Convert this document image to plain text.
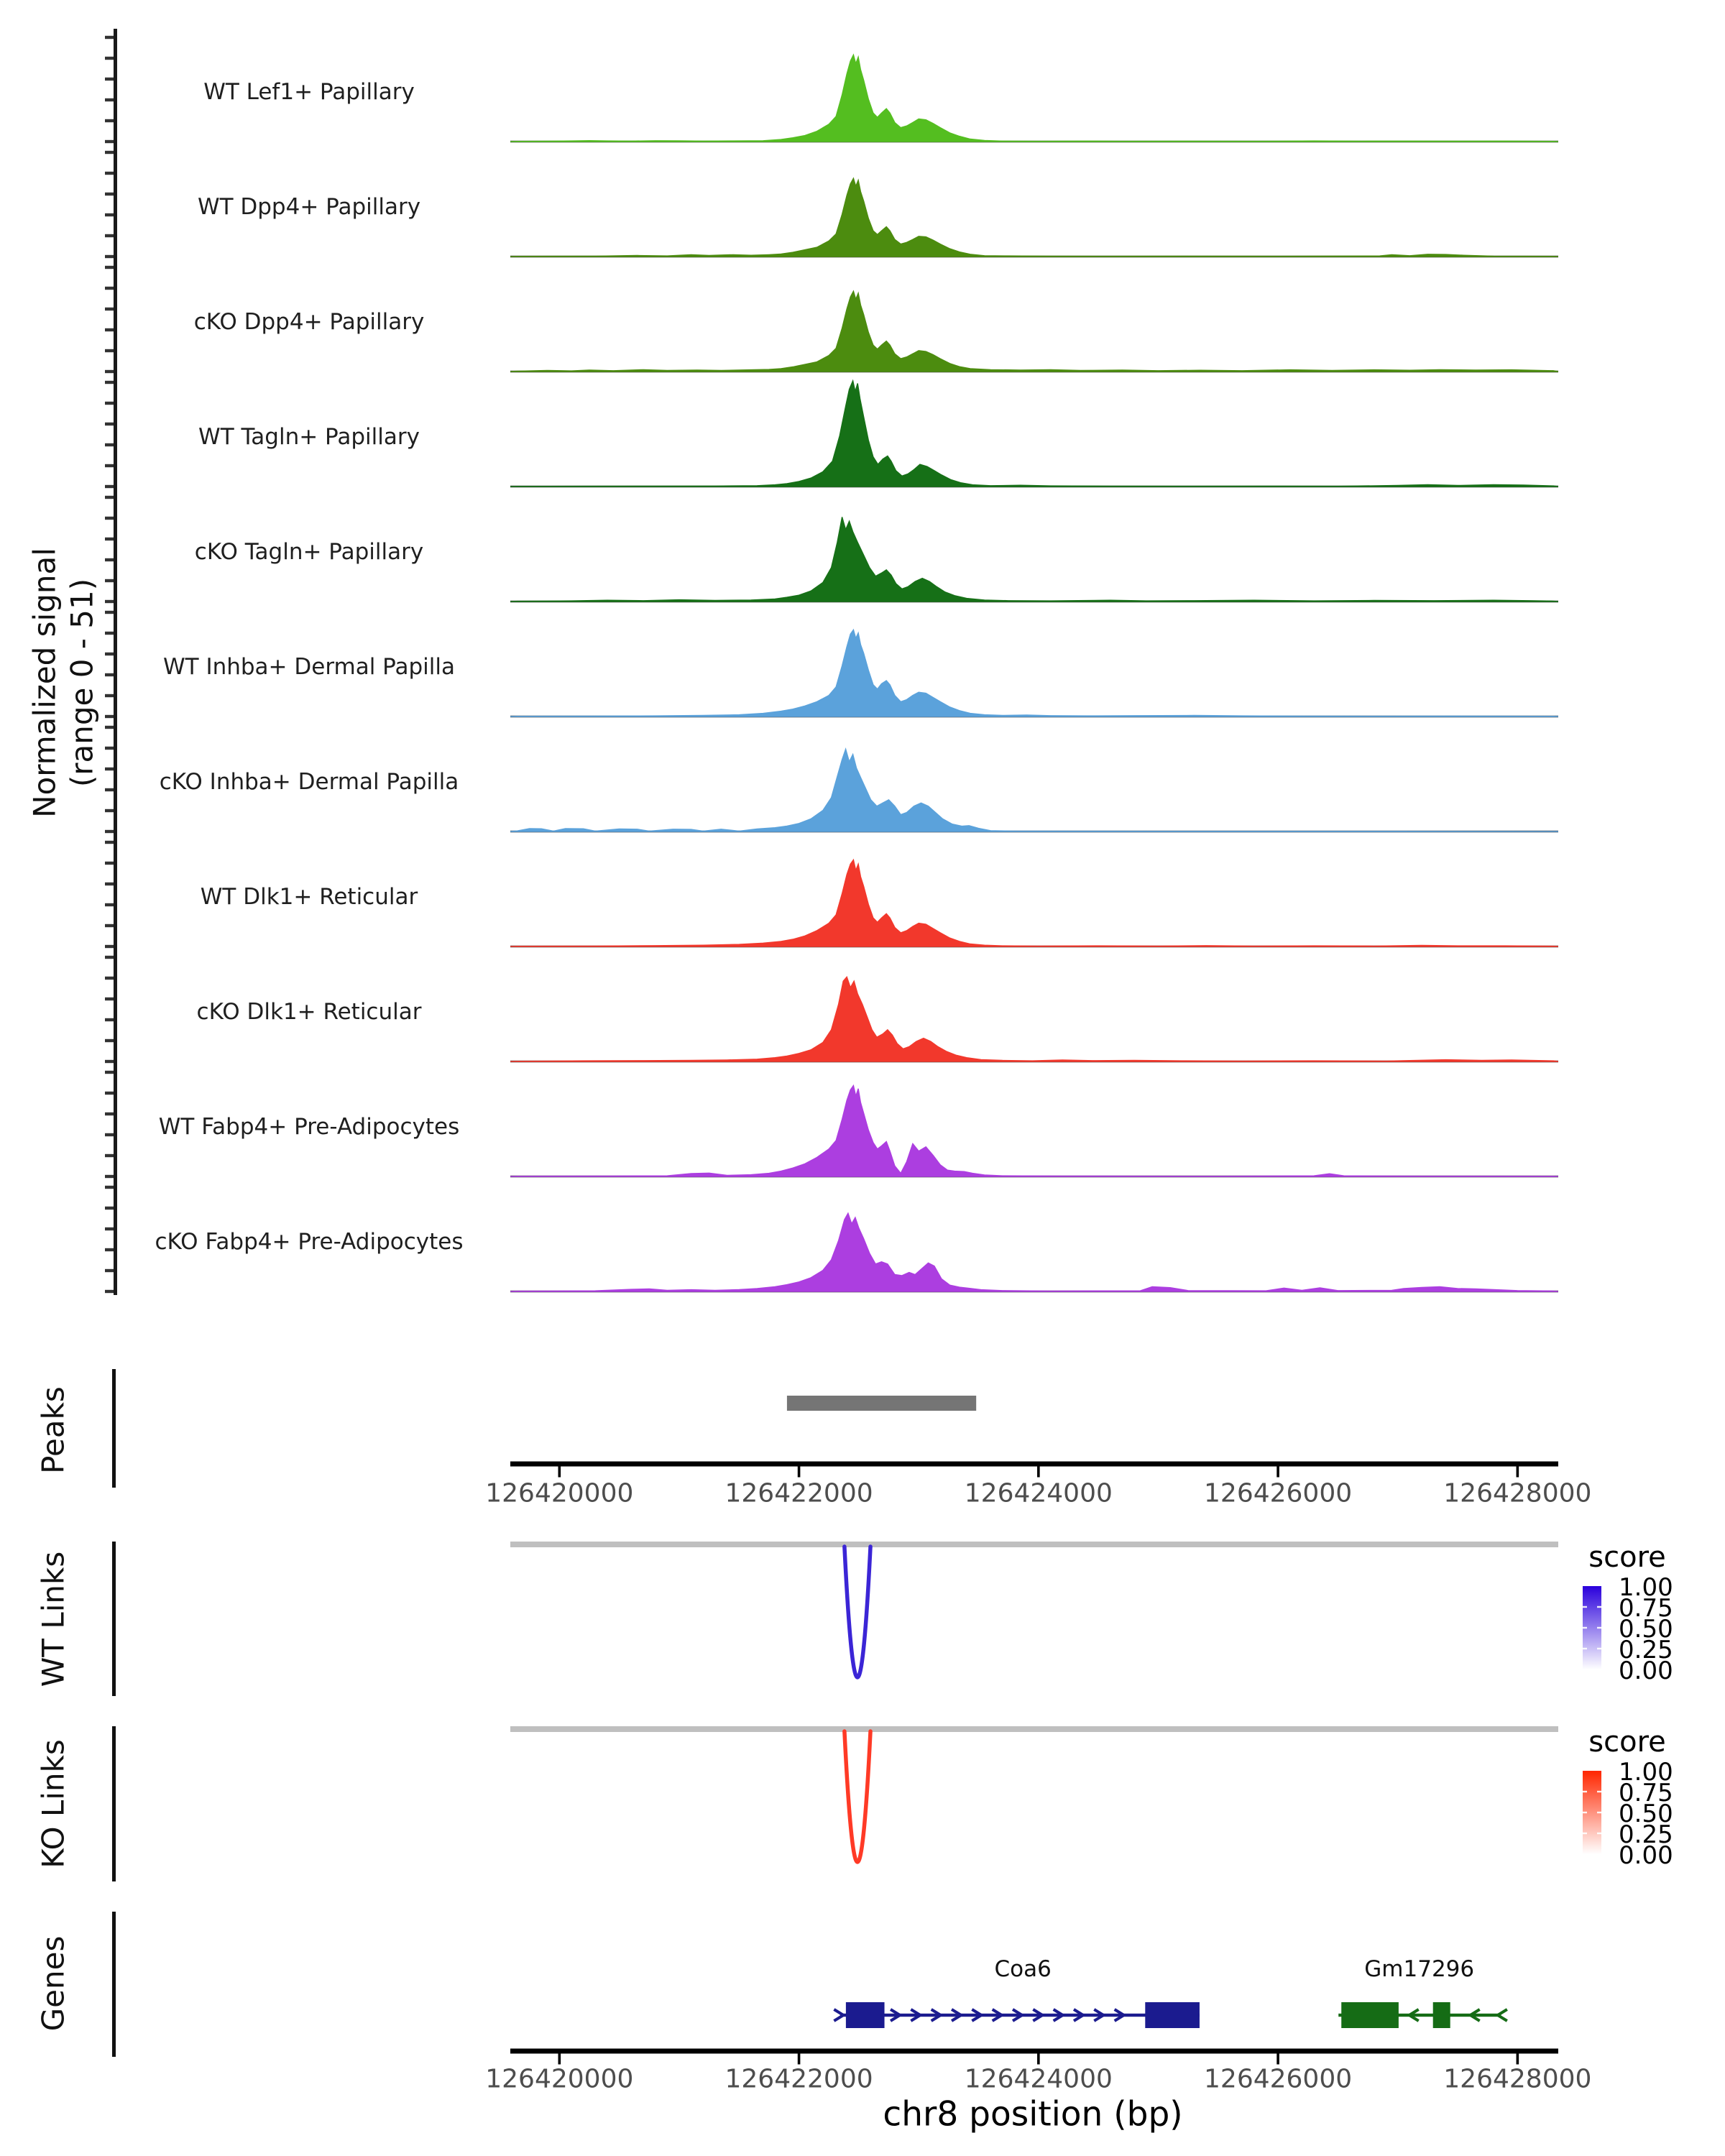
Normalized signal (range 0 - 51)
Peaks
WT Links
KO Links
Genes
score
score
chr8 position (bp)
WT Lef1+ Papillary
WT Dpp4+ Papillary
cKO Dpp4+ Papillary
WT Tagln+ Papillary
cKO Tagln+ Papillary
WT Inhba+ Dermal Papilla
cKO Inhba+ Dermal Papilla
WT Dlk1+ Reticular
cKO Dlk1+ Reticular
WT Fabp4+ Pre-Adipocytes
cKO Fabp4+ Pre-Adipocytes
126420000	126422000	126424000	126426000	126428000
126420000	126422000	126424000	126426000	126428000
1.00
0.75
0.50
0.25
0.00
1.00
0.75
0.50
0.25
0.00
Coa6	Gm17296
